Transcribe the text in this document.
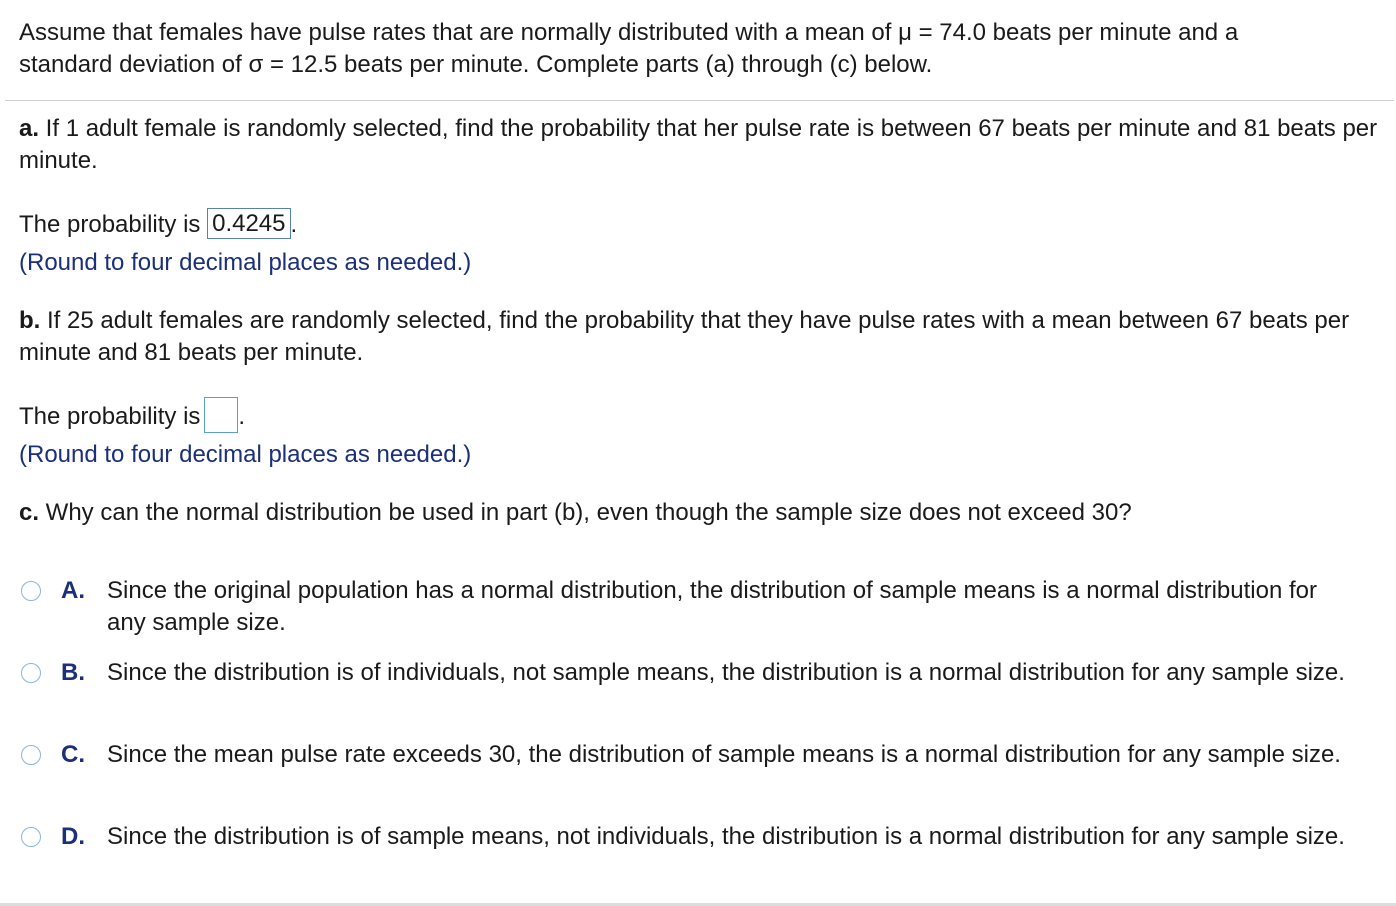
Assume that females have pulse rates that are normally distributed with a mean of μ = 74.0 beats per minute and a
standard deviation of σ = 12.5 beats per minute. Complete parts (a) through (c) below.
a. If 1 adult female is randomly selected, find the probability that her pulse rate is between 67 beats per minute and 81 beats per minute.
The probability is 0.4245 .
(Round to four decimal places as needed.)
b. If 25 adult females are randomly selected, find the probability that they have pulse rates with a mean between 67 beats per minute and 81 beats per minute.
The probability is .
(Round to four decimal places as needed.)
c. Why can the normal distribution be used in part (b), even though the sample size does not exceed 30?
A. Since the original population has a normal distribution, the distribution of sample means is a normal distribution for any sample size.
B. Since the distribution is of individuals, not sample means, the distribution is a normal distribution for any sample size.
C. Since the mean pulse rate exceeds 30, the distribution of sample means is a normal distribution for any sample size.
D. Since the distribution is of sample means, not individuals, the distribution is a normal distribution for any sample size.
